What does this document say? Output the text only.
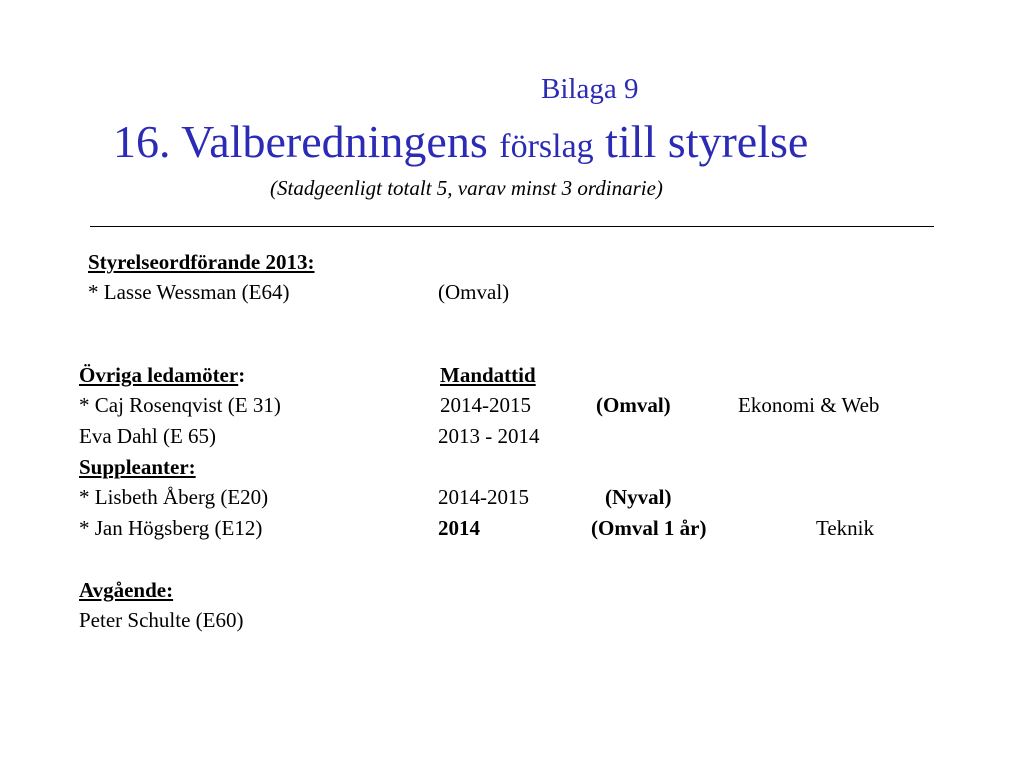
Bilaga 9
16. Valberedningens förslag till styrelse
(Stadgeenligt totalt 5, varav minst 3 ordinarie)
Styrelseordförande 2013:
* Lasse Wessman (E64)	(Omval)
Övriga ledamöter:	Mandattid
* Caj Rosenqvist (E 31)	2014-2015	(Omval)	Ekonomi & Web
Eva Dahl (E 65)	2013 - 2014
Suppleanter:
* Lisbeth Åberg (E20)	2014-2015	(Nyval)
* Jan Högsberg (E12)	2014	(Omval 1 år)	Teknik
Avgående:
Peter Schulte (E60)
